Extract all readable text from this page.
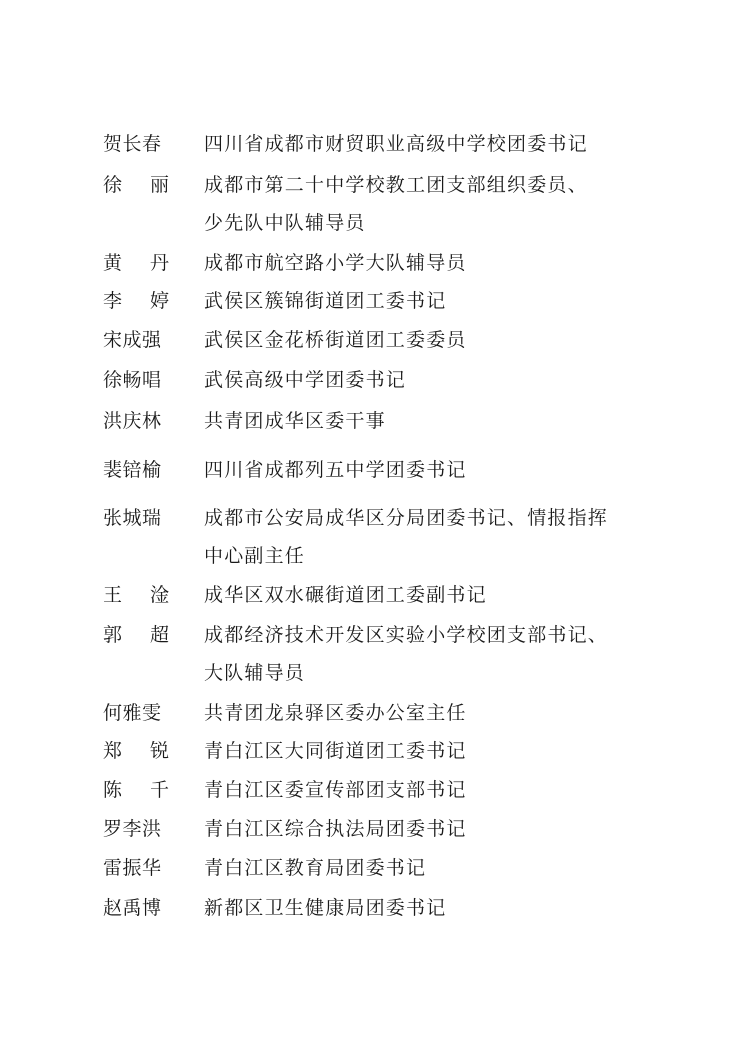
贺长春 四川省成都市财贸职业高级中学校团委书记
徐丽 成都市第二十中学校教工团支部组织委员、
少先队中队辅导员
黄丹 成都市航空路小学大队辅导员
李婷 武侯区簇锦街道团工委书记
宋成强 武侯区金花桥街道团工委委员
徐畅唱 武侯高级中学团委书记
洪庆林 共青团成华区委干事
裴锫榆 四川省成都列五中学团委书记
张城瑞 成都市公安局成华区分局团委书记、情报指挥
中心副主任
王淦 成华区双水碾街道团工委副书记
郭超 成都经济技术开发区实验小学校团支部书记、
大队辅导员
何雅雯 共青团龙泉驿区委办公室主任
郑锐 青白江区大同街道团工委书记
陈千 青白江区委宣传部团支部书记
罗李洪 青白江区综合执法局团委书记
雷振华 青白江区教育局团委书记
赵禹博 新都区卫生健康局团委书记
